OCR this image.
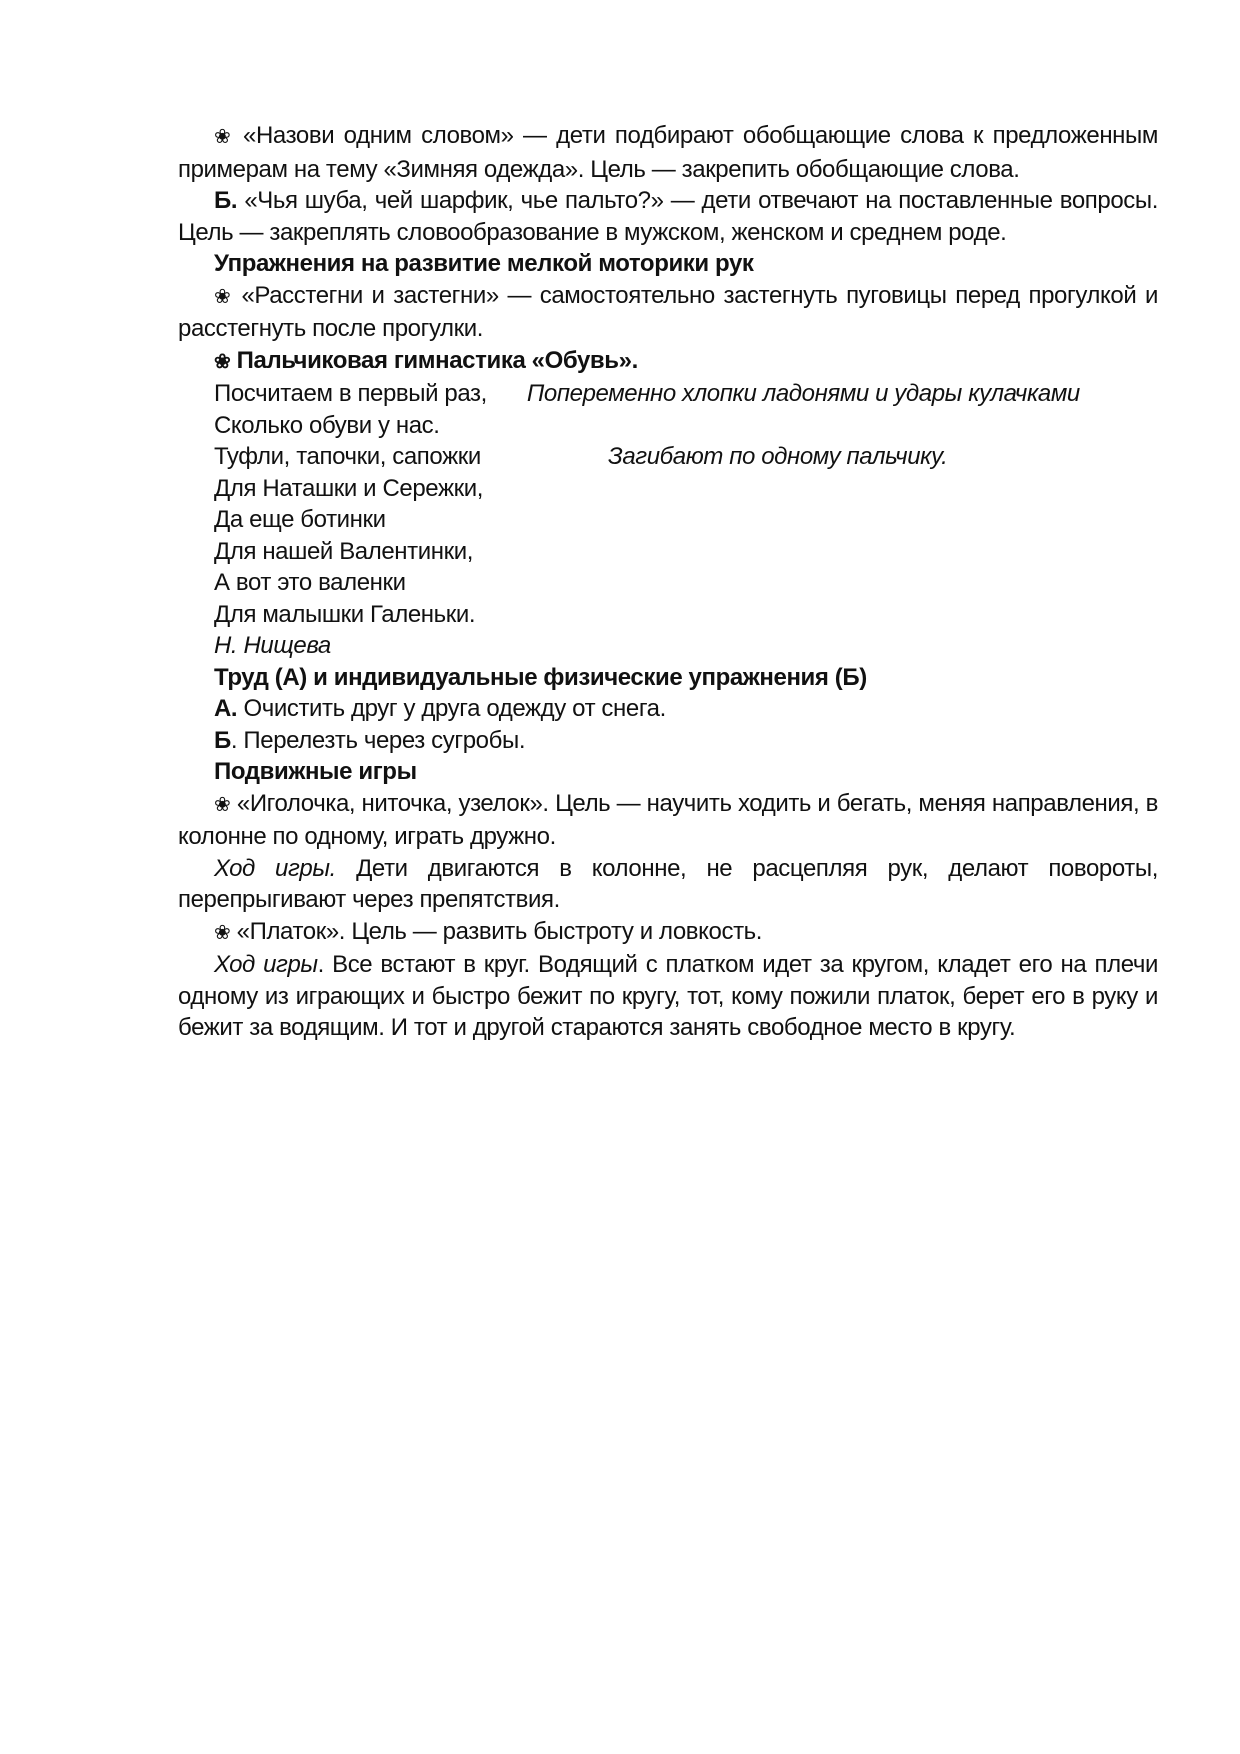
❀ «Назови одним словом» — дети подбирают обобщающие слова к предложенным примерам на тему «Зимняя одежда». Цель — закрепить обобщающие слова.

Б. «Чья шуба, чей шарфик, чье пальто?» — дети отвечают на поставленные вопросы. Цель — закреплять словообразование в мужском, женском и среднем роде.

Упражнения на развитие мелкой моторики рук

❀ «Расстегни и застегни» — самостоятельно застегнуть пуговицы перед прогулкой и расстегнуть после прогулки.

❀ Пальчиковая гимнастика «Обувь».

Посчитаем в первый раз, Попеременно хлопки ладонями и удары кулачками

Сколько обуви у нас.
Туфли, тапочки, сапожки	Загибают по одному пальчику.
Для Наташки и Сережки,
Да еще ботинки
Для нашей Валентинки,
А вот это валенки
Для малышки Галеньки.
Н. Нищева

Труд (А) и индивидуальные физические упражнения (Б)

А. Очистить друг у друга одежду от снега.

Б. Перелезть через сугробы.

Подвижные игры

❀ «Иголочка, ниточка, узелок». Цель — научить ходить и бегать, меняя направления, в колонне по одному, играть дружно.

Ход игры. Дети двигаются в колонне, не расцепляя рук, делают повороты, перепрыгивают через препятствия.

❀ «Платок». Цель — развить быстроту и ловкость.

Ход игры. Все встают в круг. Водящий с платком идет за кругом, кладет его на плечи одному из играющих и быстро бежит по кругу, тот, кому пожили платок, берет его в руку и бежит за водящим. И тот и другой стараются занять свободное место в кругу.
